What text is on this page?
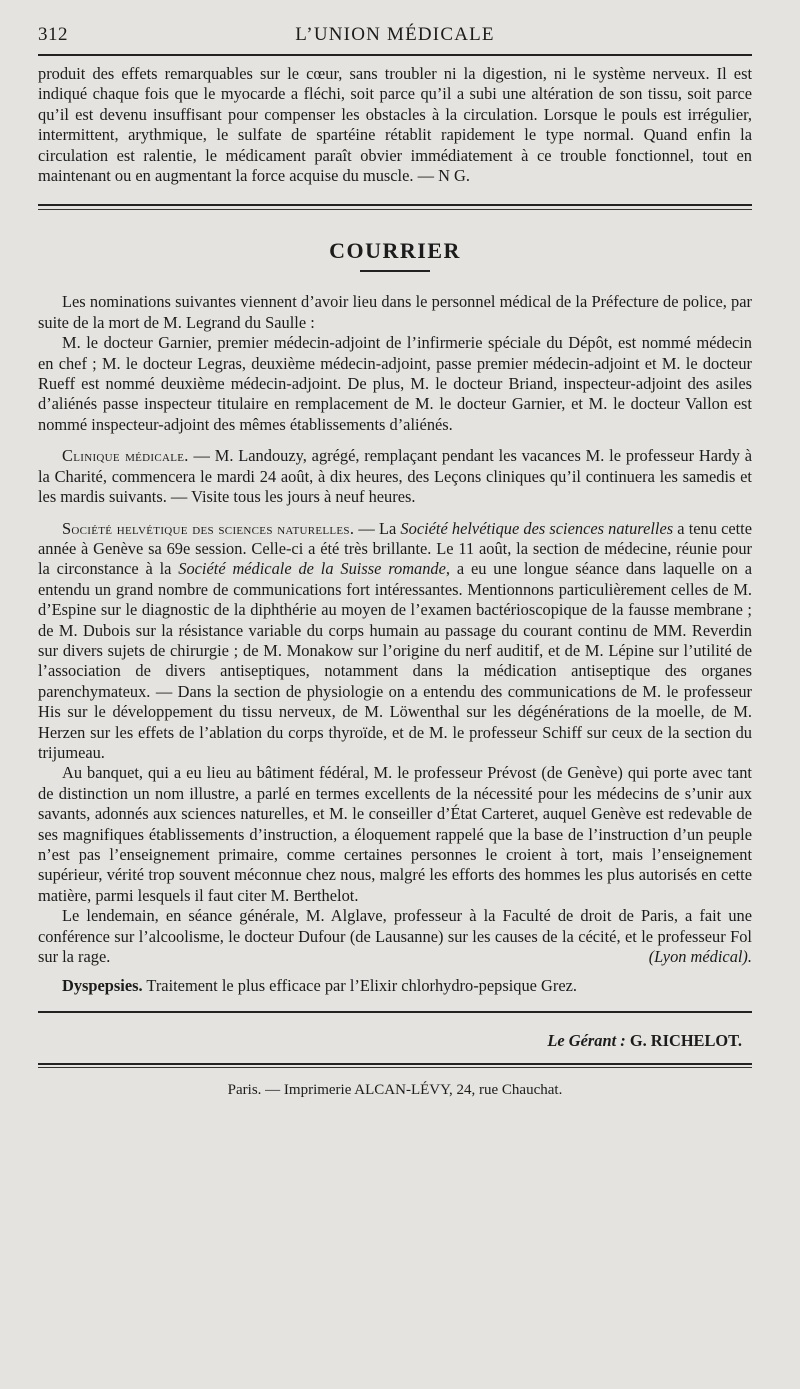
312	L’UNION MÉDICALE

produit des effets remarquables sur le cœur, sans troubler ni la digestion, ni le système nerveux. Il est indiqué chaque fois que le myocarde a fléchi, soit parce qu’il a subi une altération de son tissu, soit parce qu’il est devenu insuffisant pour compenser les obstacles à la circulation. Lorsque le pouls est irrégulier, intermittent, arythmique, le sulfate de spartéine rétablit rapidement le type normal. Quand enfin la circulation est ralentie, le médicament paraît obvier immédiatement à ce trouble fonctionnel, tout en maintenant ou en augmentant la force acquise du muscle. — N G.

COURRIER

Les nominations suivantes viennent d’avoir lieu dans le personnel médical de la Préfecture de police, par suite de la mort de M. Legrand du Saulle :

M. le docteur Garnier, premier médecin-adjoint de l’infirmerie spéciale du Dépôt, est nommé médecin en chef ; M. le docteur Legras, deuxième médecin-adjoint, passe premier médecin-adjoint et M. le docteur Rueff est nommé deuxième médecin-adjoint. De plus, M. le docteur Briand, inspecteur-adjoint des asiles d’aliénés passe inspecteur titulaire en remplacement de M. le docteur Garnier, et M. le docteur Vallon est nommé inspecteur-adjoint des mêmes établissements d’aliénés.

Clinique médicale. — M. Landouzy, agrégé, remplaçant pendant les vacances M. le professeur Hardy à la Charité, commencera le mardi 24 août, à dix heures, des Leçons cliniques qu’il continuera les samedis et les mardis suivants. — Visite tous les jours à neuf heures.

Société helvétique des sciences naturelles. — La Société helvétique des sciences naturelles a tenu cette année à Genève sa 69e session. Celle-ci a été très brillante. Le 11 août, la section de médecine, réunie pour la circonstance à la Société médicale de la Suisse romande, a eu une longue séance dans laquelle on a entendu un grand nombre de communications fort intéressantes. Mentionnons particulièrement celles de M. d’Espine sur le diagnostic de la diphthérie au moyen de l’examen bactérioscopique de la fausse membrane ; de M. Dubois sur la résistance variable du corps humain au passage du courant continu de MM. Reverdin sur divers sujets de chirurgie ; de M. Monakow sur l’origine du nerf auditif, et de M. Lépine sur l’utilité de l’association de divers antiseptiques, notamment dans la médication antiseptique des organes parenchymateux. — Dans la section de physiologie on a entendu des communications de M. le professeur His sur le développement du tissu nerveux, de M. Löwenthal sur les dégénérations de la moelle, de M. Herzen sur les effets de l’ablation du corps thyroïde, et de M. le professeur Schiff sur ceux de la section du trijumeau.

Au banquet, qui a eu lieu au bâtiment fédéral, M. le professeur Prévost (de Genève) qui porte avec tant de distinction un nom illustre, a parlé en termes excellents de la nécessité pour les médecins de s’unir aux savants, adonnés aux sciences naturelles, et M. le conseiller d’État Carteret, auquel Genève est redevable de ses magnifiques établissements d’instruction, a éloquement rappelé que la base de l’instruction d’un peuple n’est pas l’enseignement primaire, comme certaines personnes le croient à tort, mais l’enseignement supérieur, vérité trop souvent méconnue chez nous, malgré les efforts des hommes les plus autorisés en cette matière, parmi lesquels il faut citer M. Berthelot.

Le lendemain, en séance générale, M. Alglave, professeur à la Faculté de droit de Paris, a fait une conférence sur l’alcoolisme, le docteur Dufour (de Lausanne) sur les causes de la cécité, et le professeur Fol sur la rage.	(Lyon médical).

Dyspepsies. Traitement le plus efficace par l’Elixir chlorhydro-pepsique Grez.

Le Gérant : G. RICHELOT.
Paris. — Imprimerie ALCAN-LÉVY, 24, rue Chauchat.
